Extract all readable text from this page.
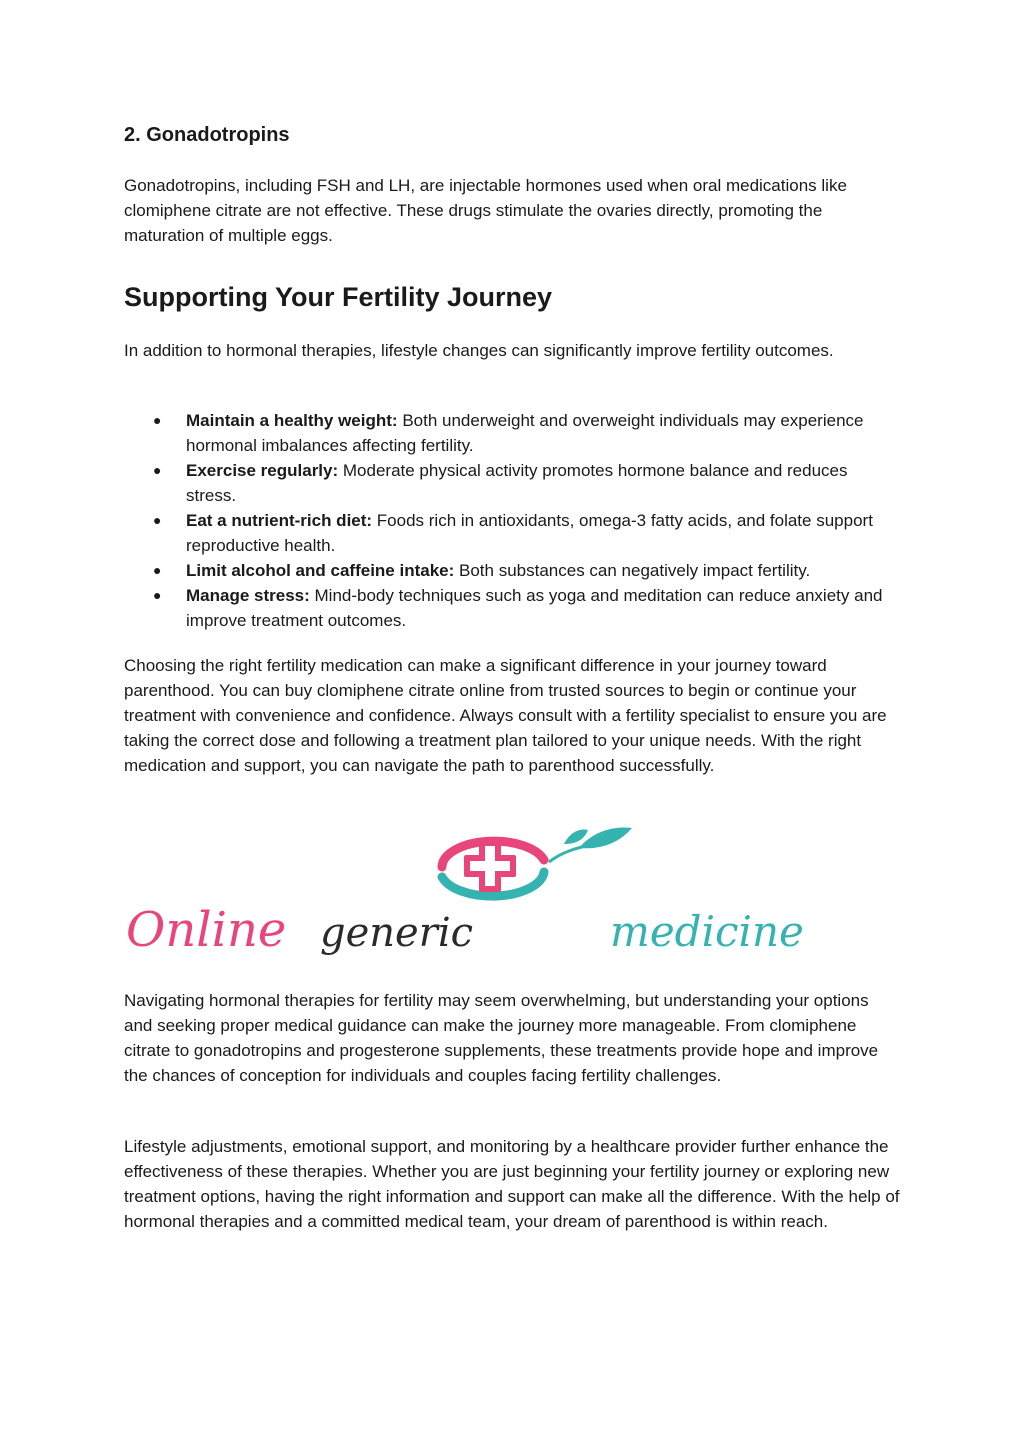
2. Gonadotropins

Gonadotropins, including FSH and LH, are injectable hormones used when oral medications like clomiphene citrate are not effective. These drugs stimulate the ovaries directly, promoting the maturation of multiple eggs.

Supporting Your Fertility Journey

In addition to hormonal therapies, lifestyle changes can significantly improve fertility outcomes.

● Maintain a healthy weight: Both underweight and overweight individuals may experience hormonal imbalances affecting fertility.
● Exercise regularly: Moderate physical activity promotes hormone balance and reduces stress.
● Eat a nutrient-rich diet: Foods rich in antioxidants, omega-3 fatty acids, and folate support reproductive health.
● Limit alcohol and caffeine intake: Both substances can negatively impact fertility.
● Manage stress: Mind-body techniques such as yoga and meditation can reduce anxiety and improve treatment outcomes.

Choosing the right fertility medication can make a significant difference in your journey toward parenthood. You can buy clomiphene citrate online from trusted sources to begin or continue your treatment with convenience and confidence. Always consult with a fertility specialist to ensure you are taking the correct dose and following a treatment plan tailored to your unique needs. With the right medication and support, you can navigate the path to parenthood successfully.

Navigating hormonal therapies for fertility may seem overwhelming, but understanding your options and seeking proper medical guidance can make the journey more manageable. From clomiphene citrate to gonadotropins and progesterone supplements, these treatments provide hope and improve the chances of conception for individuals and couples facing fertility challenges.

Lifestyle adjustments, emotional support, and monitoring by a healthcare provider further enhance the effectiveness of these therapies. Whether you are just beginning your fertility journey or exploring new treatment options, having the right information and support can make all the difference. With the help of hormonal therapies and a committed medical team, your dream of parenthood is within reach.

Online generic	medicine
